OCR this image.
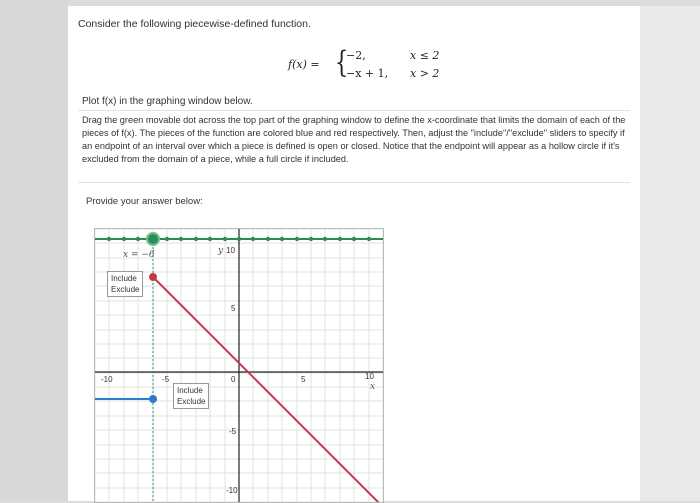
Consider the following piecewise-defined function.
f(x) = {
−2,	x ≤ 2
−x + 1, x > 2
Plot f(x) in the graphing window below.
Drag the green movable dot across the top part of the graphing window to define the x-coordinate that limits the domain of each of the pieces of f(x). The pieces of the function are colored blue and red respectively. Then, adjust the "include"/"exclude" sliders to specify if an endpoint of an interval over which a piece is defined is open or closed. Notice that the endpoint will appear as a hollow circle if it's excluded from the domain of a piece, while a full circle if included.
Provide your answer below:
x = −6	y
x
10
5
-5
-10
-10	-5	0	5	10
Include
Exclude
Include
Exclude
